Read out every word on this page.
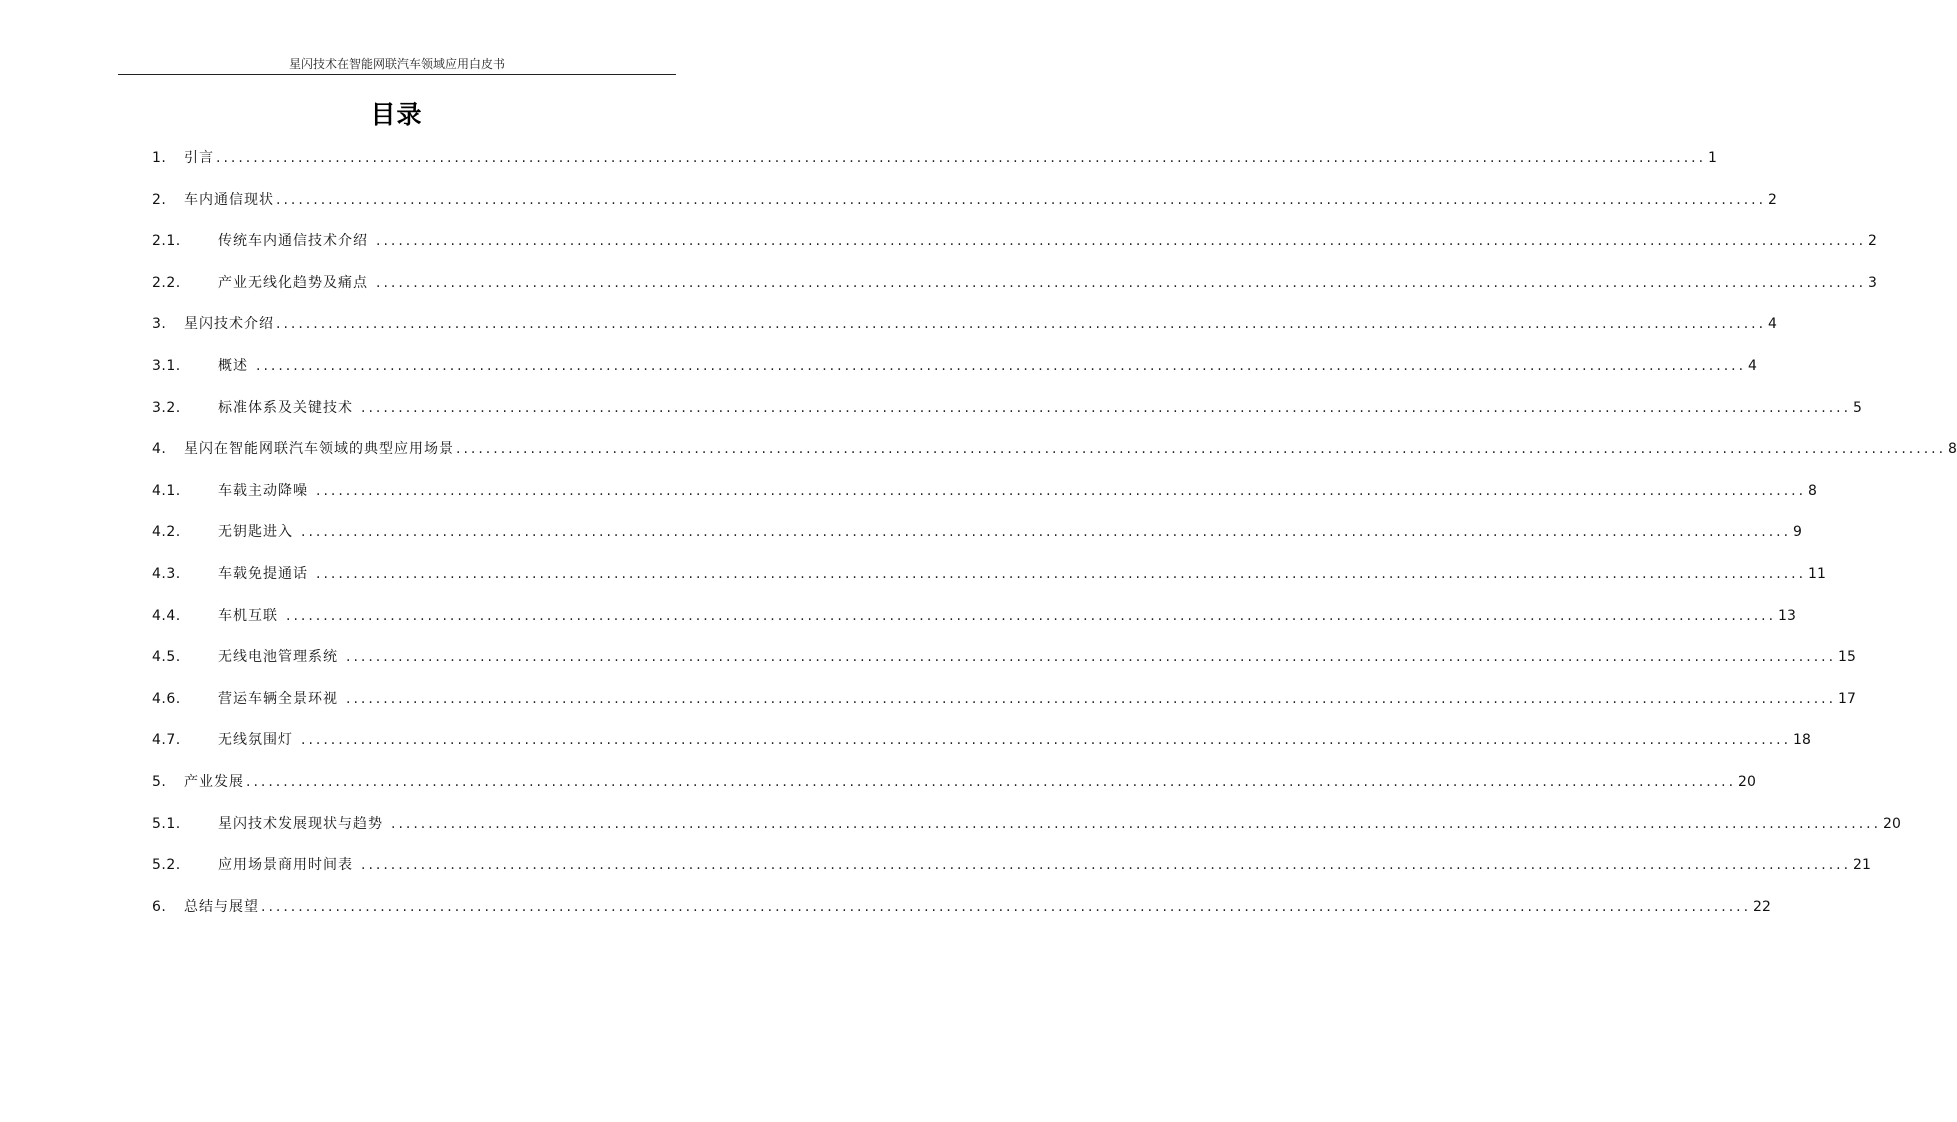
星闪技术在智能网联汽车领域应用白皮书
目录
1.	引言 ........................................................................................................................................................................................................ 1
2.	车内通信现状 ........................................................................................................................................................................................................ 2
2.1.	传统车内通信技术介绍 ........................................................................................................................................................................................................ 2
2.2.	产业无线化趋势及痛点 ........................................................................................................................................................................................................ 3
3.	星闪技术介绍 ........................................................................................................................................................................................................ 4
3.1.	概述 ........................................................................................................................................................................................................ 4
3.2.	标准体系及关键技术 ........................................................................................................................................................................................................ 5
4.	星闪在智能网联汽车领域的典型应用场景 ........................................................................................................................................................................................................ 8
4.1.	车载主动降噪 ........................................................................................................................................................................................................ 8
4.2.	无钥匙进入 ........................................................................................................................................................................................................ 9
4.3.	车载免提通话 ........................................................................................................................................................................................................ 11
4.4.	车机互联 ........................................................................................................................................................................................................ 13
4.5.	无线电池管理系统 ........................................................................................................................................................................................................ 15
4.6.	营运车辆全景环视 ........................................................................................................................................................................................................ 17
4.7.	无线氛围灯 ........................................................................................................................................................................................................ 18
5.	产业发展 ........................................................................................................................................................................................................ 20
5.1.	星闪技术发展现状与趋势 ........................................................................................................................................................................................................ 20
5.2.	应用场景商用时间表 ........................................................................................................................................................................................................ 21
6.	总结与展望 ........................................................................................................................................................................................................ 22
